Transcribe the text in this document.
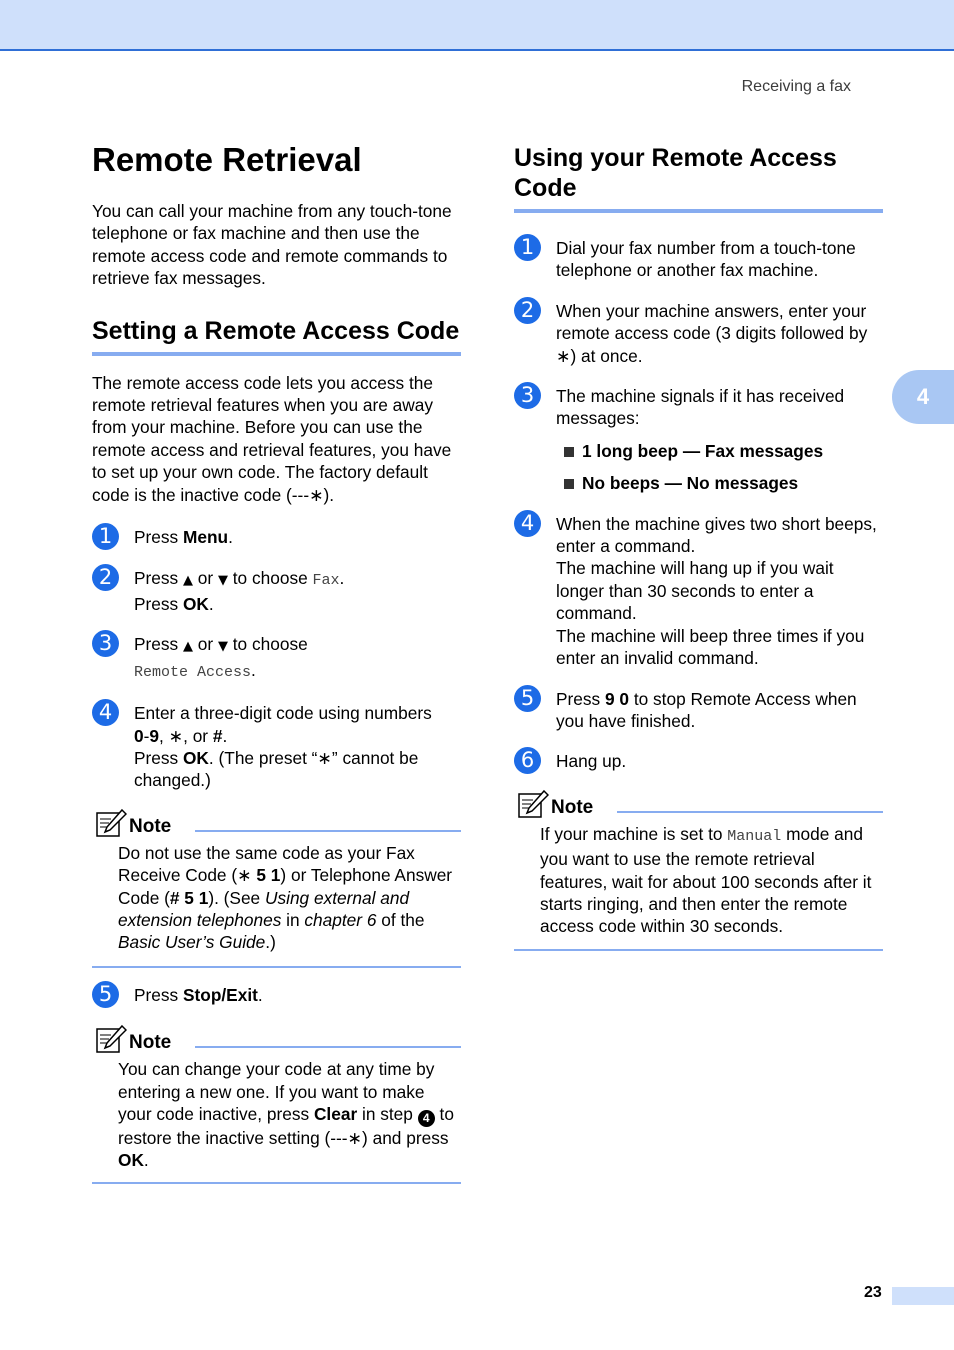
Receiving a fax
4
Remote Retrieval

You can call your machine from any touch-tone telephone or fax machine and then use the remote access code and remote commands to retrieve fax messages.

Setting a Remote Access Code

The remote access code lets you access the remote retrieval features when you are away from your machine. Before you can use the remote access and retrieval features, you have to set up your own code. The factory default code is the inactive code (---∗).

1	Press Menu.
2	Press ▲ or ▼ to choose Fax.
Press OK.
3	Press ▲ or ▼ to choose
Remote Access.
4	Enter a three-digit code using numbers
0-9, ∗, or #.
Press OK. (The preset “∗” cannot be changed.)
Note

Do not use the same code as your Fax Receive Code (∗ 5 1) or Telephone Answer Code (# 5 1). (See Using external and extension telephones in chapter 6 of the Basic User’s Guide.)

5	Press Stop/Exit.
Note

You can change your code at any time by entering a new one. If you want to make your code inactive, press Clear in step 4 to restore the inactive setting (---∗) and press OK.

Using your Remote Access Code
1	Dial your fax number from a touch-tone telephone or another fax machine.
2	When your machine answers, enter your remote access code (3 digits followed by ∗) at once.
3	The machine signals if it has received messages:
1 long beep — Fax messages
No beeps — No messages
4	When the machine gives two short beeps, enter a command.
The machine will hang up if you wait longer than 30 seconds to enter a command.
The machine will beep three times if you enter an invalid command.
5	Press 9 0 to stop Remote Access when you have finished.
6	Hang up.
Note

If your machine is set to Manual mode and you want to use the remote retrieval features, wait for about 100 seconds after it starts ringing, and then enter the remote access code within 30 seconds.

23
